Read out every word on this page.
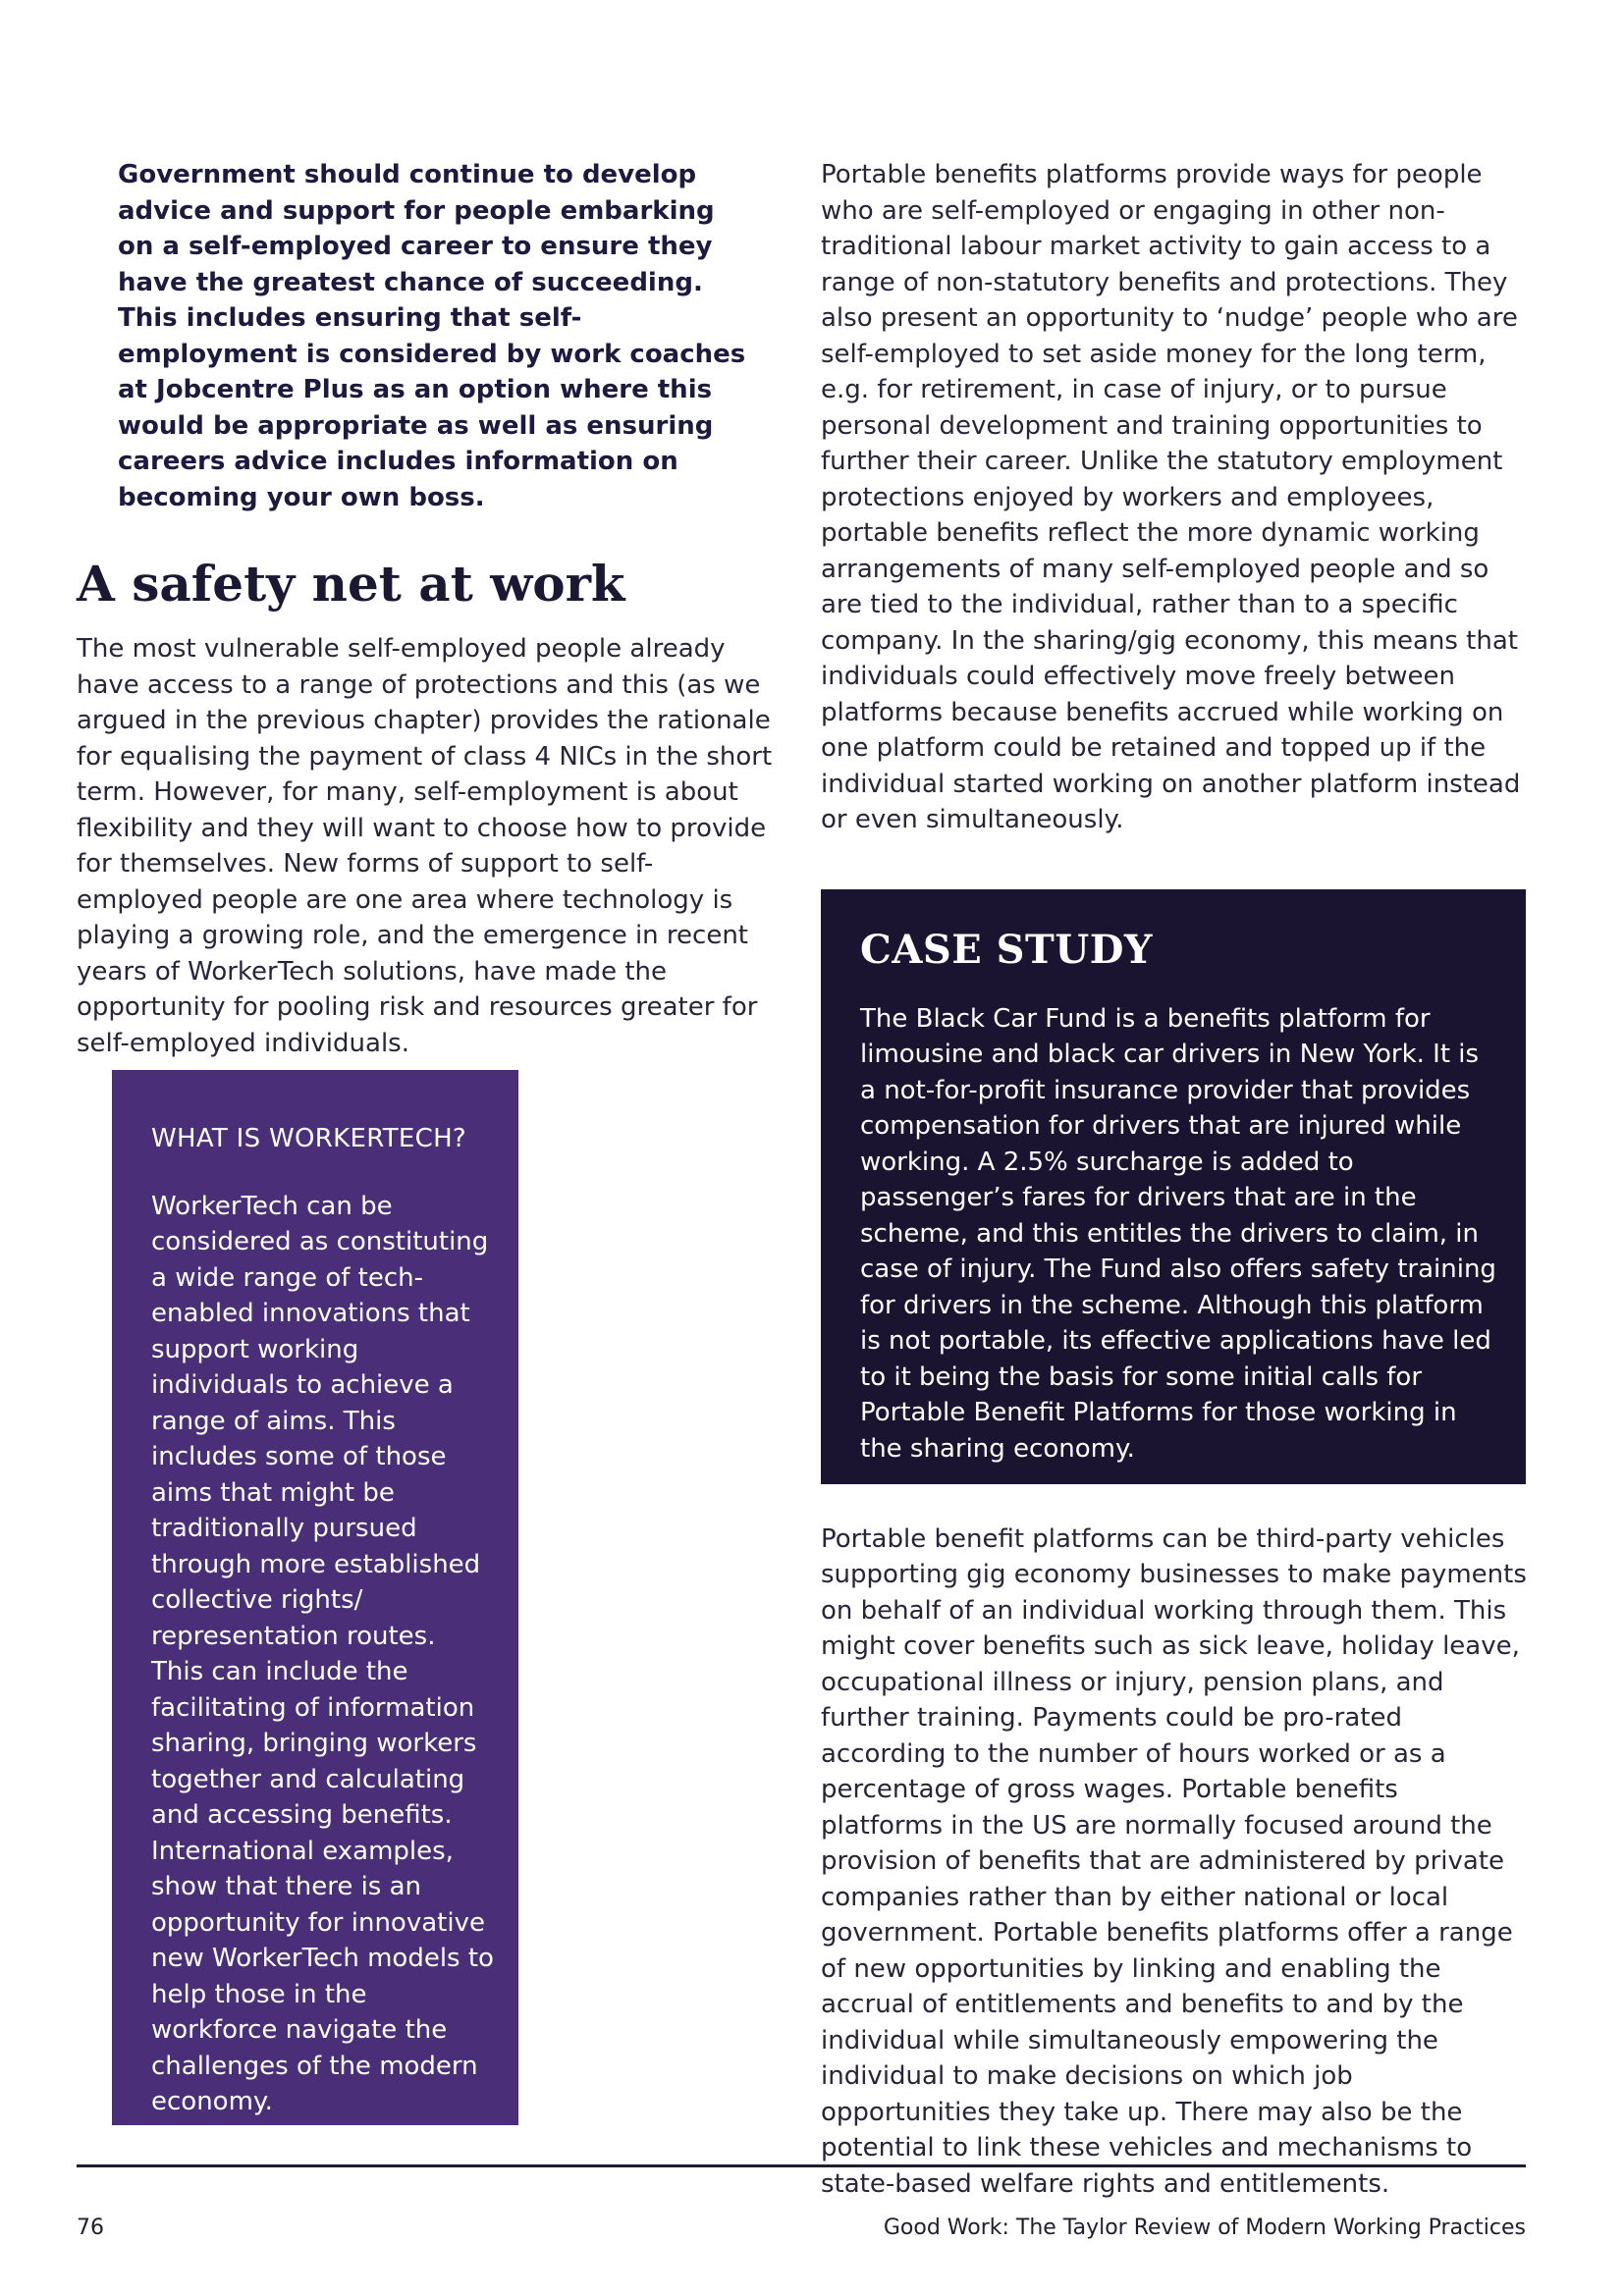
Government should continue to develop advice and support for people embarking on a self-employed career to ensure they have the greatest chance of succeeding. This includes ensuring that self-employment is considered by work coaches at Jobcentre Plus as an option where this would be appropriate as well as ensuring careers advice includes information on becoming your own boss.

A safety net at work

The most vulnerable self-employed people already have access to a range of protections and this (as we argued in the previous chapter) provides the rationale for equalising the payment of class 4 NICs in the short term. However, for many, self-employment is about flexibility and they will want to choose how to provide for themselves. New forms of support to self-employed people are one area where technology is playing a growing role, and the emergence in recent years of WorkerTech solutions, have made the opportunity for pooling risk and resources greater for self-employed individuals.

WHAT IS WORKERTECH?

WorkerTech can be considered as constituting a wide range of tech-enabled innovations that support working individuals to achieve a range of aims. This includes some of those aims that might be traditionally pursued through more established collective rights/ representation routes. This can include the facilitating of information sharing, bringing workers together and calculating and accessing benefits. International examples, show that there is an opportunity for innovative new WorkerTech models to help those in the workforce navigate the challenges of the modern economy.

Portable benefits platforms provide ways for people who are self-employed or engaging in other non-traditional labour market activity to gain access to a range of non-statutory benefits and protections. They also present an opportunity to ‘nudge’ people who are self-employed to set aside money for the long term, e.g. for retirement, in case of injury, or to pursue personal development and training opportunities to further their career. Unlike the statutory employment protections enjoyed by workers and employees, portable benefits reflect the more dynamic working arrangements of many self-employed people and so are tied to the individual, rather than to a specific company. In the sharing/gig economy, this means that individuals could effectively move freely between platforms because benefits accrued while working on one platform could be retained and topped up if the individual started working on another platform instead or even simultaneously.

CASE STUDY

The Black Car Fund is a benefits platform for limousine and black car drivers in New York. It is a not-for-profit insurance provider that provides compensation for drivers that are injured while working. A 2.5% surcharge is added to passenger’s fares for drivers that are in the scheme, and this entitles the drivers to claim, in case of injury. The Fund also offers safety training for drivers in the scheme. Although this platform is not portable, its effective applications have led to it being the basis for some initial calls for Portable Benefit Platforms for those working in the sharing economy.

Portable benefit platforms can be third-party vehicles supporting gig economy businesses to make payments on behalf of an individual working through them. This might cover benefits such as sick leave, holiday leave, occupational illness or injury, pension plans, and further training. Payments could be pro-rated according to the number of hours worked or as a percentage of gross wages. Portable benefits platforms in the US are normally focused around the provision of benefits that are administered by private companies rather than by either national or local government. Portable benefits platforms offer a range of new opportunities by linking and enabling the accrual of entitlements and benefits to and by the individual while simultaneously empowering the individual to make decisions on which job opportunities they take up. There may also be the potential to link these vehicles and mechanisms to state-based welfare rights and entitlements.

76	Good Work: The Taylor Review of Modern Working Practices
